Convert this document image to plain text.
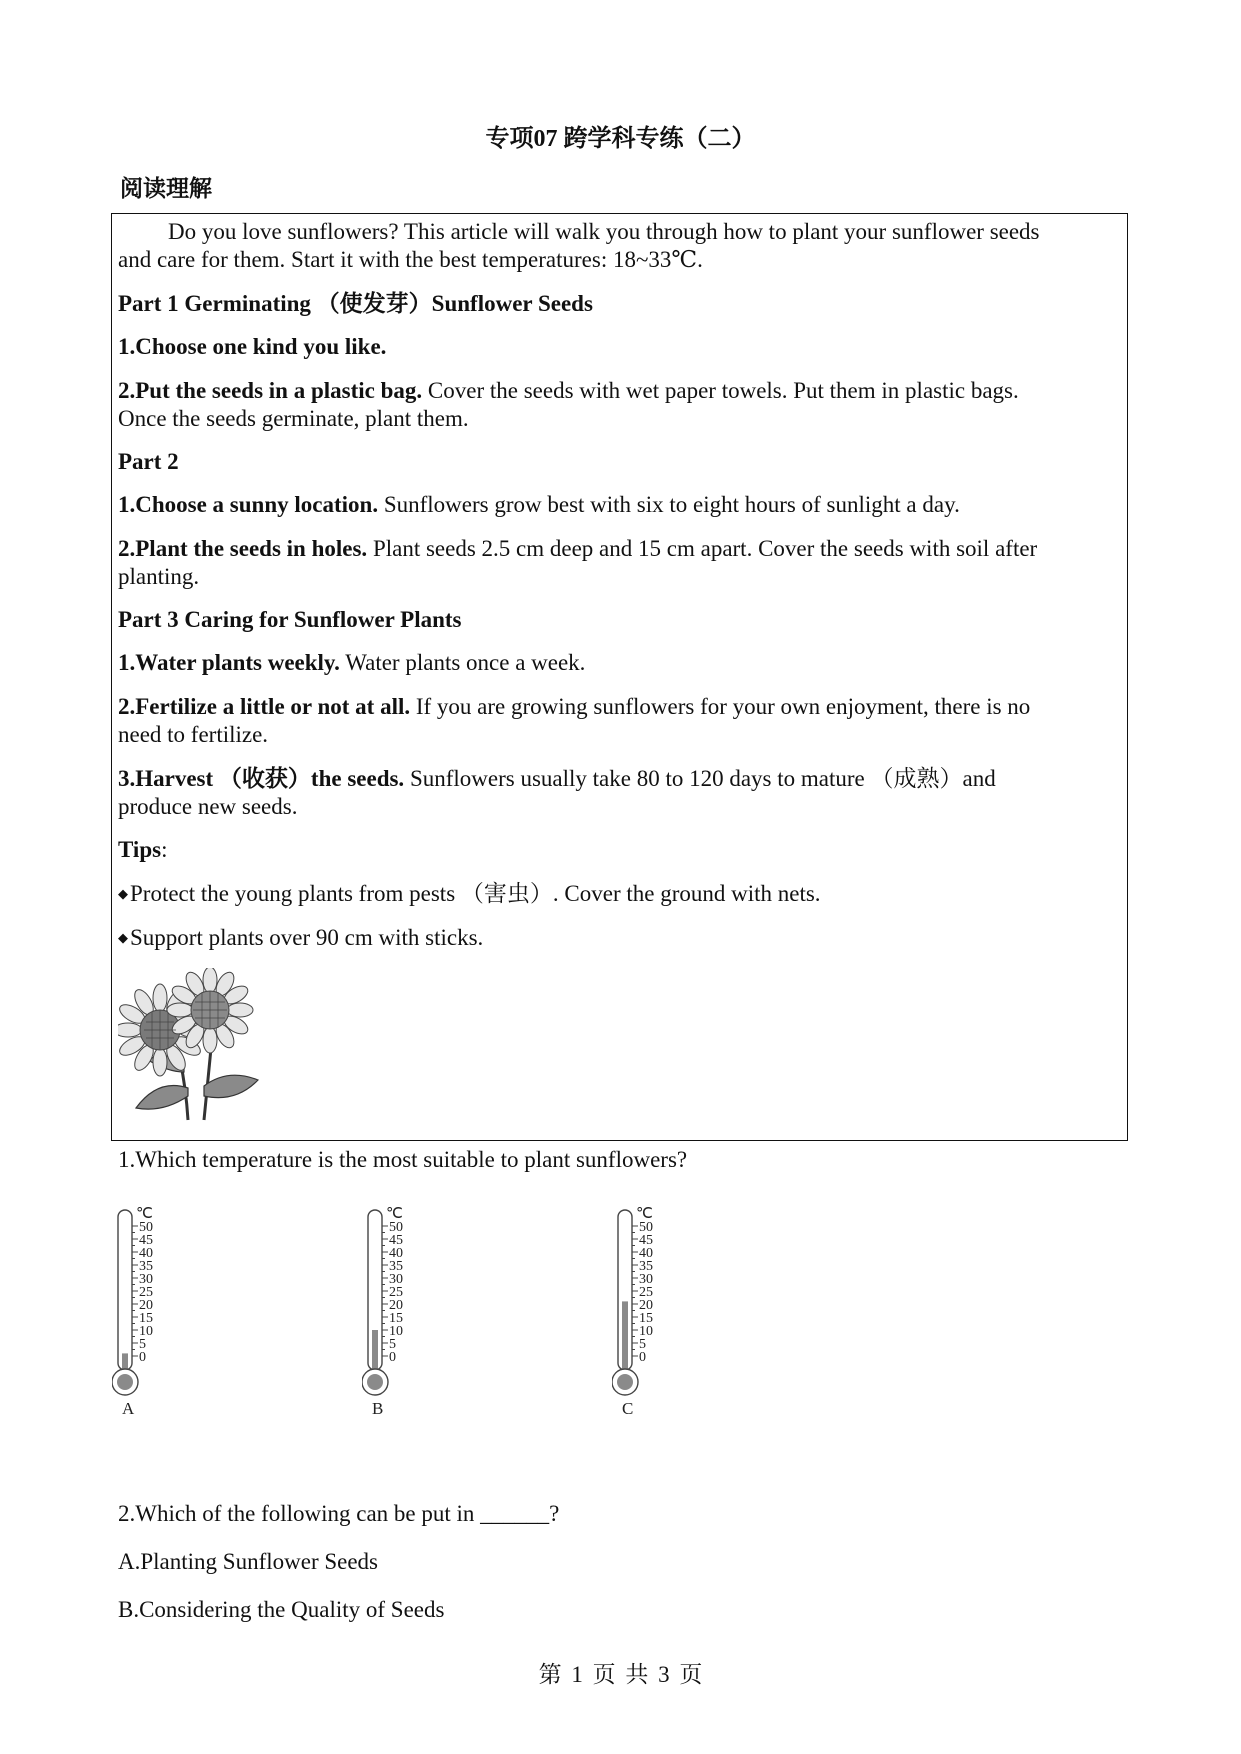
专项07 跨学科专练（二）
阅读理解

Do you love sunflowers? This article will walk you through how to plant your sunflower seeds

and care for them. Start it with the best temperatures: 18~33℃.

Part 1 Germinating （使发芽）Sunflower Seeds

1.Choose one kind you like.

2.Put the seeds in a plastic bag. Cover the seeds with wet paper towels. Put them in plastic bags.

Once the seeds germinate, plant them.

Part 2

1.Choose a sunny location. Sunflowers grow best with six to eight hours of sunlight a day.

2.Plant the seeds in holes. Plant seeds 2.5 cm deep and 15 cm apart. Cover the seeds with soil after

planting.

Part 3 Caring for Sunflower Plants

1.Water plants weekly. Water plants once a week.

2.Fertilize a little or not at all. If you are growing sunflowers for your own enjoyment, there is no

need to fertilize.

3.Harvest （收获）the seeds. Sunflowers usually take 80 to 120 days to mature （成熟）and

produce new seeds.

Tips:

◆Protect the young plants from pests （害虫）. Cover the ground with nets.

◆Support plants over 90 cm with sticks.

1.Which temperature is the most suitable to plant sunflowers?

℃
50
45
40
35
30
25
20
15
10
5
0
A
℃
50
45
40
35
30
25
20
15
10
5
0
B
℃
50
45
40
35
30
25
20
15
10
5
0
C

2.Which of the following can be put in ______?

A.Planting Sunflower Seeds

B.Considering the Quality of Seeds

第 1 页 共 3 页
